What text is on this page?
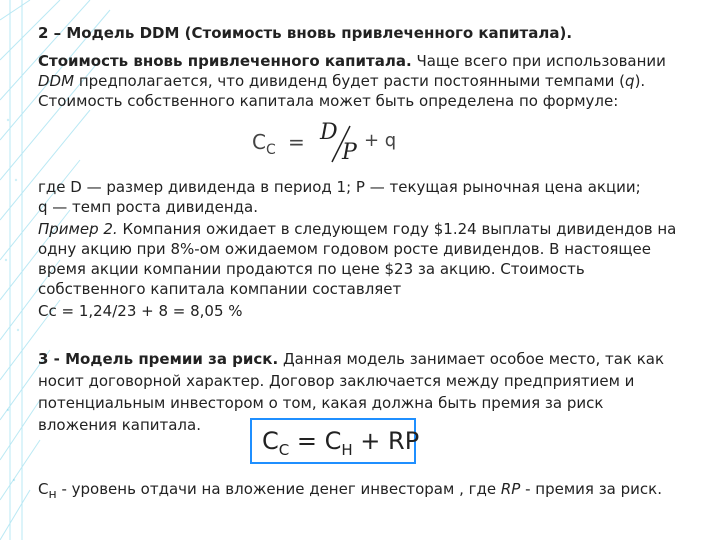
2 – Модель DDM (Стоимость вновь привлеченного капитала).
Стоимость вновь привлеченного капитала. Чаще всего при использовании
DDM предполагается, что дивиденд будет расти постоянными темпами (q).
Стоимость собственного капитала может быть определена по формуле:
где D — размер дивиденда в период 1; P — текущая рыночная цена акции;
q — темп роста дивиденда.
Пример 2. Компания ожидает в следующем году $1.24 выплаты дивидендов на
одну акцию при 8%-ом ожидаемом годовом росте дивидендов. В настоящее
время акции компании продаются по цене $23 за акцию. Стоимость
собственного капитала компании составляет
Сс = 1,24/23 + 8 = 8,05 %
3 - Модель премии за риск. Данная модель занимает особое место, так как
носит договорной характер. Договор заключается между предприятием и
потенциальным инвестором о том, какая должна быть премия за риск
вложения капитала.
$С_н$ - уровень отдачи на вложение денег инвесторам , где RP - премия за риск.
$С_С = D$
P + q
$C_С = C_Н$ + RP
